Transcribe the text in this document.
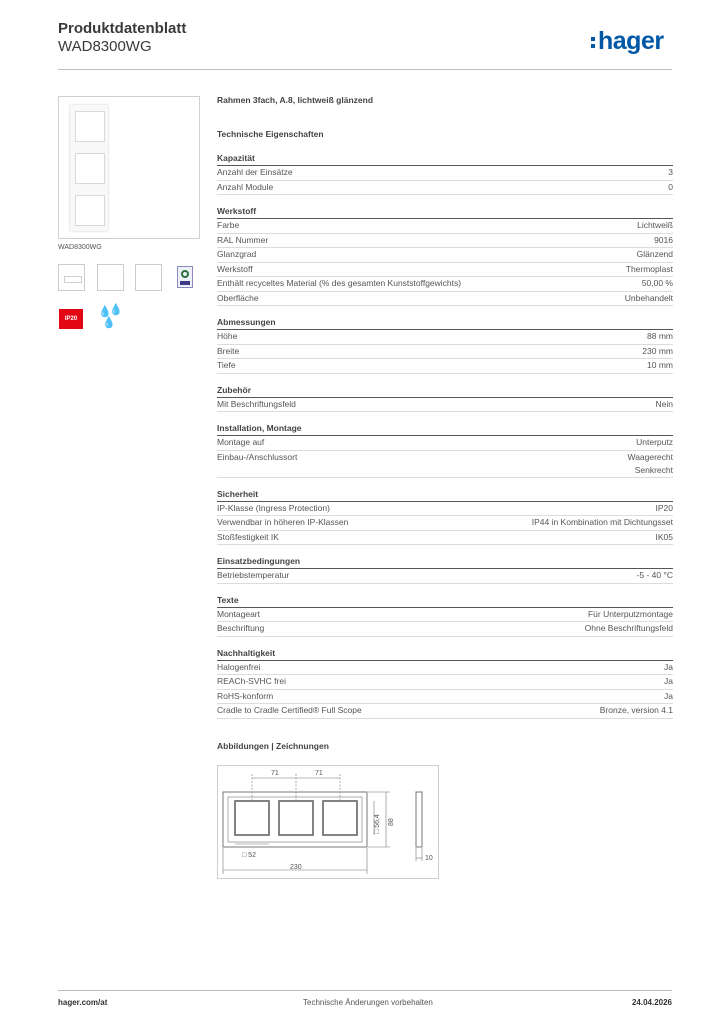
Produktdatenblatt
WAD8300WG	hager
WAD8300WG
IP20
💧
💧
💧
Rahmen 3fach, A.8, lichtweiß glänzend
Technische Eigenschaften
Kapazität
Anzahl der Einsätze	3
Anzahl Module	0
Werkstoff
Farbe	Lichtweiß
RAL Nummer	9016
Glanzgrad	Glänzend
Werkstoff	Thermoplast
Enthält recyceltes Material (% des gesamten Kunststoffgewichts)	50,00 %
Oberfläche	Unbehandelt
Abmessungen
Höhe	88 mm
Breite	230 mm
Tiefe	10 mm
Zubehör
Mit Beschriftungsfeld	Nein
Installation, Montage
Montage auf	Unterputz
Einbau-/Anschlussort	Waagerecht
Senkrecht
Sicherheit
IP-Klasse (Ingress Protection)	IP20
Verwendbar in höheren IP-Klassen	IP44 in Kombination mit Dichtungsset
Stoßfestigkeit IK	IK05
Einsatzbedingungen
Betriebstemperatur	-5 - 40 °C
Texte
Montageart	Für Unterputzmontage
Beschriftung	Ohne Beschriftungsfeld
Nachhaltigkeit
Halogenfrei	Ja
REACh-SVHC frei	Ja
RoHS-konform	Ja
Cradle to Cradle Certified® Full Scope	Bronze, version 4.1
Abbildungen | Zeichnungen
71	71
230
□ 52	10
□ 56,4 88
hager.com/at	Technische Änderungen vorbehalten	24.04.2026
